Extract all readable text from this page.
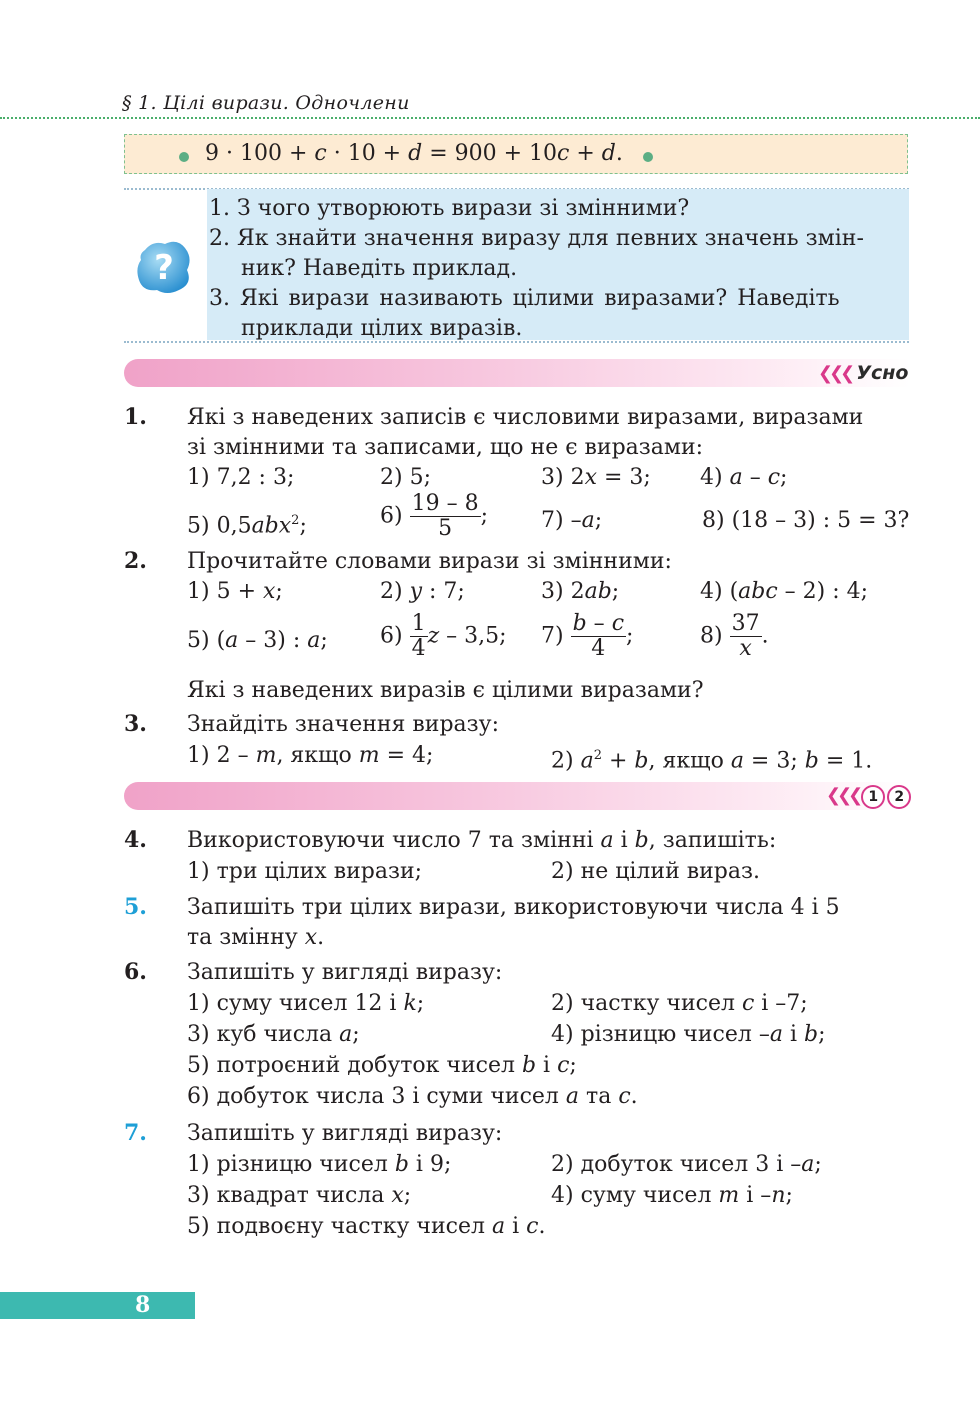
§ 1. Цілі вирази. Одночлени
9 · 100 + c · 10 + d = 900 + 10c + d.
?
1. З чого утворюють вирази зі змінними?
2. Як знайти значення виразу для певних значень змін-
ник? Наведіть приклад.
3. Які вирази називають цілими виразами? Наведіть
приклади цілих виразів.
❮❮❮ Усно
1. Які з наведених записів є числовими виразами, виразами
зі змінними та записами, що не є виразами:
1) 7,2 : 3;	2) 5;	3) 2x = 3; 4) a – c;
5) 0,5abx$^2$;	$6) \frac{19 - 8}{5}$ ; 7) –a;	8) (18 – 3) : 5 = 3?
2. Прочитайте словами вирази зі змінними:
1) 5 + x;	2) y : 7;	3) 2ab;	4) (abc – 2) : 4;
5) (a – 3) : a; $6) \frac{1}{4}$ z – 3,5; $7) \frac{b - c}{4}$ ;	$8) \frac{37}{x}$ .
Які з наведених виразів є цілими виразами?
3. Знайдіть значення виразу:
1) 2 – m, якщо m = 4;	2) $a^2 + b$, якщо a = 3; b = 1.
❮❮❮ 1 2
4. Використовуючи число 7 та змінні a і b, запишіть:
1) три цілих вирази;	2) не цілий вираз.
5. Запишіть три цілих вирази, використовуючи числа 4 і 5
та змінну x.
6. Запишіть у вигляді виразу:
1) суму чисел 12 і k;	2) частку чисел c і –7;
3) куб числа a;	4) різницю чисел –a і b;
5) потроєний добуток чисел b і c;
6) добуток числа 3 і суми чисел a та c.
7. Запишіть у вигляді виразу:
1) різницю чисел b і 9;	2) добуток чисел 3 і –a;
3) квадрат числа x;	4) суму чисел m і –n;
5) подвоєну частку чисел a і c.
8
